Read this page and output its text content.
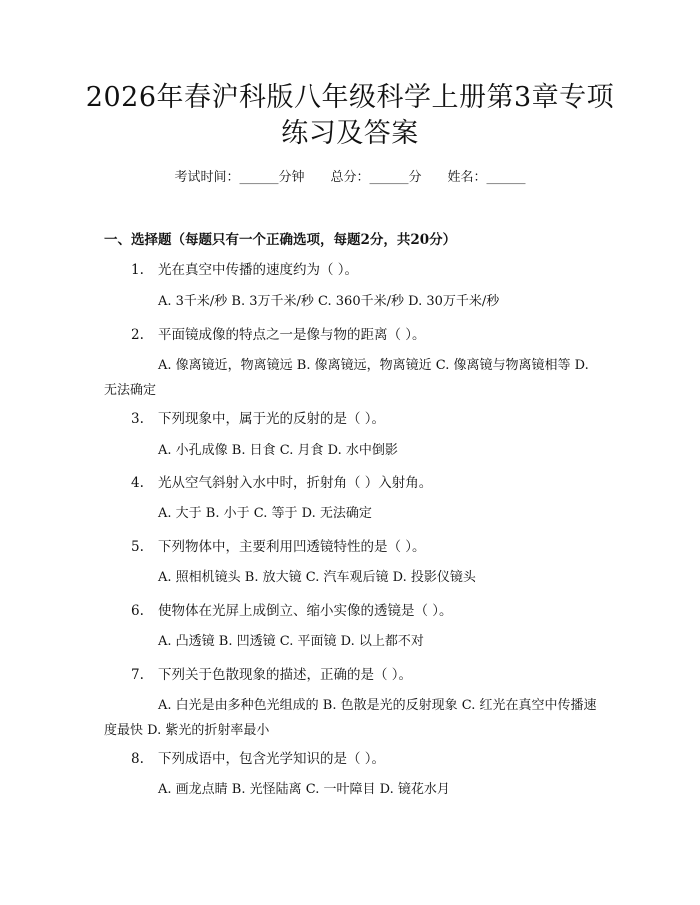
2026年春沪科版八年级科学上册第3章专项
练习及答案
考试时间：______分钟 总分：______分 姓名：______
一、选择题（每题只有一个正确选项，每题2分，共20分）
1. 光在真空中传播的速度约为（ ）。
A. 3千米/秒 B. 3万千米/秒 C. 360千米/秒 D. 30万千米/秒
2. 平面镜成像的特点之一是像与物的距离（ ）。
A. 像离镜近，物离镜远 B. 像离镜远，物离镜近 C. 像离镜与物离镜相等 D. 无法确定
3. 下列现象中，属于光的反射的是（ ）。
A. 小孔成像 B. 日食 C. 月食 D. 水中倒影
4. 光从空气斜射入水中时，折射角（ ）入射角。
A. 大于 B. 小于 C. 等于 D. 无法确定
5. 下列物体中，主要利用凹透镜特性的是（ ）。
A. 照相机镜头 B. 放大镜 C. 汽车观后镜 D. 投影仪镜头
6. 使物体在光屏上成倒立、缩小实像的透镜是（ ）。
A. 凸透镜 B. 凹透镜 C. 平面镜 D. 以上都不对
7. 下列关于色散现象的描述，正确的是（ ）。
A. 白光是由多种色光组成的 B. 色散是光的反射现象 C. 红光在真空中传播速度最快 D. 紫光的折射率最小
8. 下列成语中，包含光学知识的是（ ）。
A. 画龙点睛 B. 光怪陆离 C. 一叶障目 D. 镜花水月
